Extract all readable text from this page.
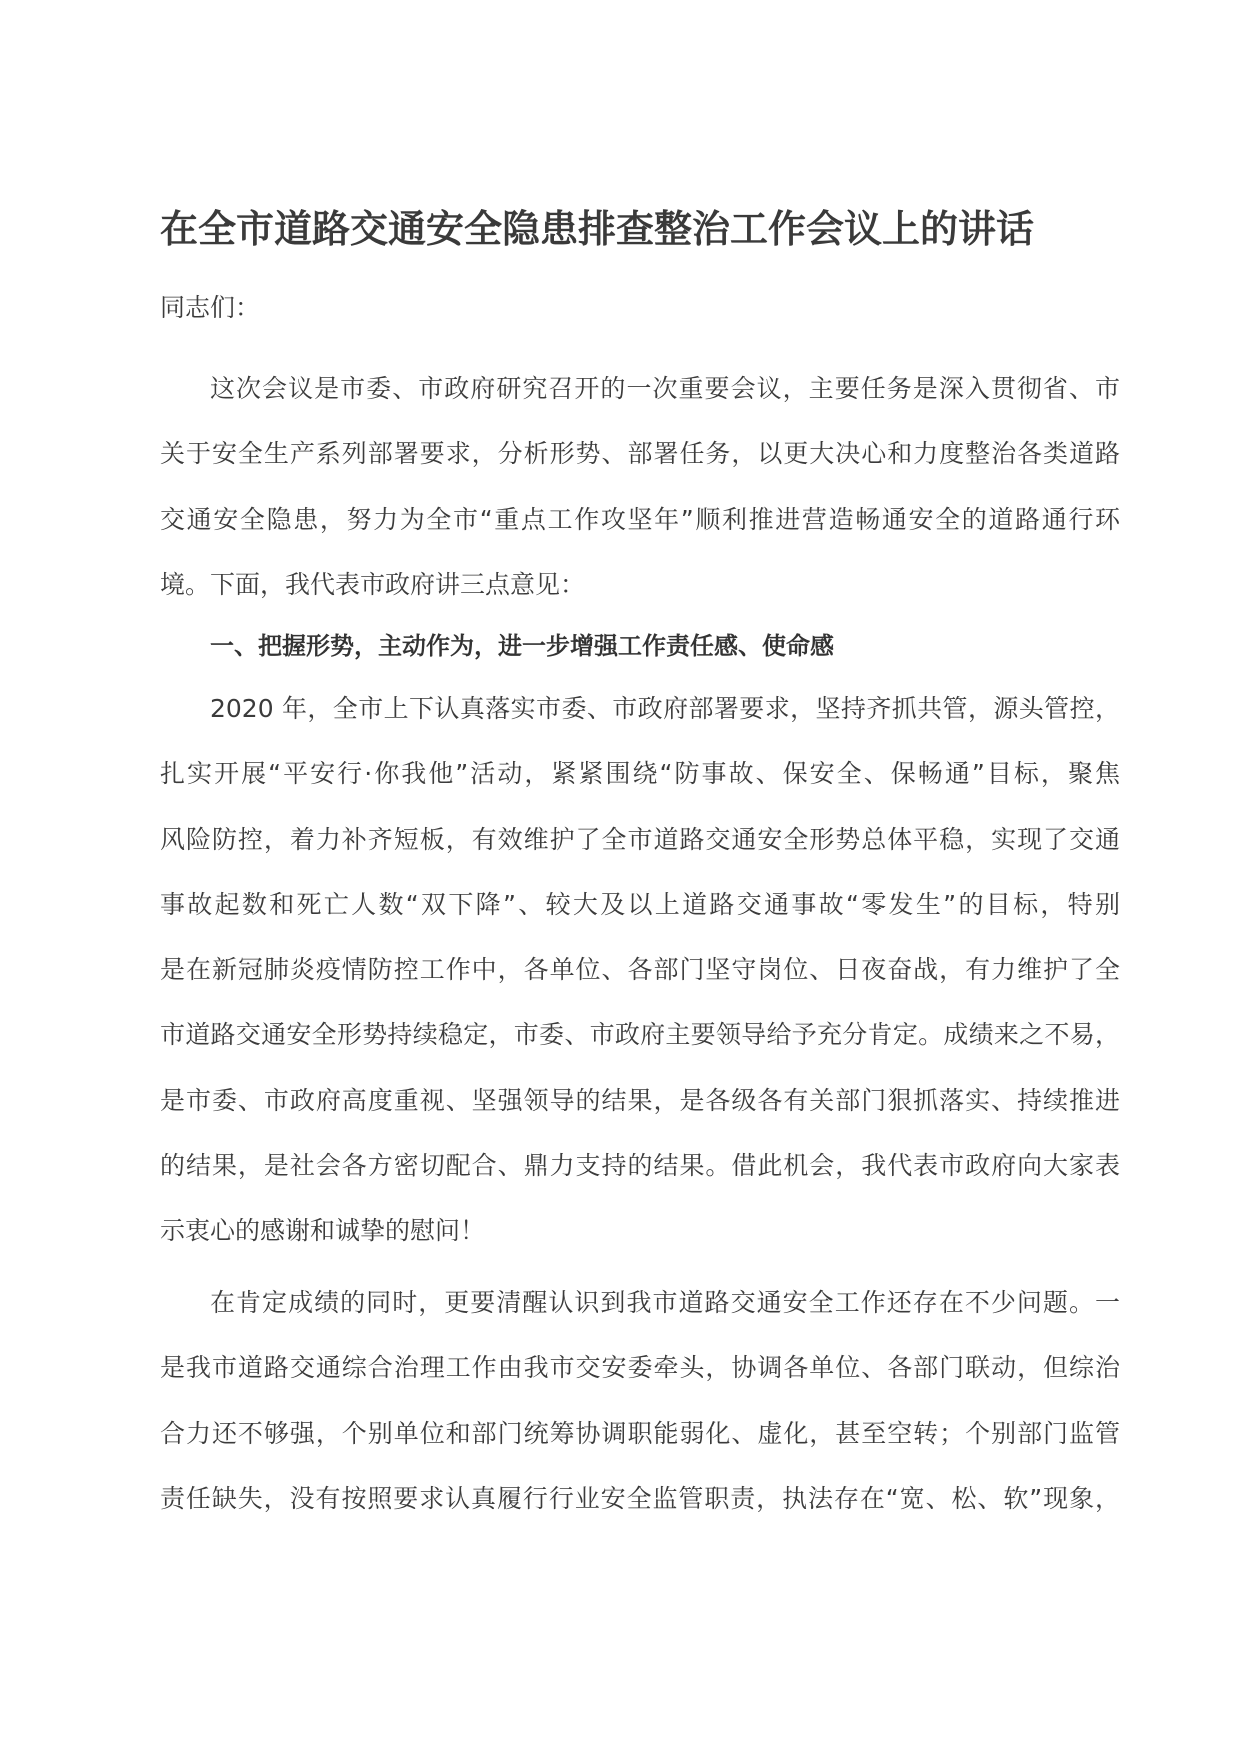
在全市道路交通安全隐患排查整治工作会议上的讲话

同志们：

这次会议是市委、市政府研究召开的一次重要会议，主要任务是深入贯彻省、市
关于安全生产系列部署要求，分析形势、部署任务，以更大决心和力度整治各类道路
交通安全隐患，努力为全市“重点工作攻坚年”顺利推进营造畅通安全的道路通行环
境。下面，我代表市政府讲三点意见：

一、把握形势，主动作为，进一步增强工作责任感、使命感

2020 年，全市上下认真落实市委、市政府部署要求，坚持齐抓共管，源头管控，
扎实开展“平安行·你我他”活动，紧紧围绕“防事故、保安全、保畅通”目标，聚焦
风险防控，着力补齐短板，有效维护了全市道路交通安全形势总体平稳，实现了交通
事故起数和死亡人数“双下降”、较大及以上道路交通事故“零发生”的目标，特别
是在新冠肺炎疫情防控工作中，各单位、各部门坚守岗位、日夜奋战，有力维护了全
市道路交通安全形势持续稳定，市委、市政府主要领导给予充分肯定。成绩来之不易，
是市委、市政府高度重视、坚强领导的结果，是各级各有关部门狠抓落实、持续推进
的结果，是社会各方密切配合、鼎力支持的结果。借此机会，我代表市政府向大家表
示衷心的感谢和诚挚的慰问！
在肯定成绩的同时，更要清醒认识到我市道路交通安全工作还存在不少问题。一
是我市道路交通综合治理工作由我市交安委牵头，协调各单位、各部门联动，但综治
合力还不够强，个别单位和部门统筹协调职能弱化、虚化，甚至空转；个别部门监管
责任缺失，没有按照要求认真履行行业安全监管职责，执法存在“宽、松、软”现象，
